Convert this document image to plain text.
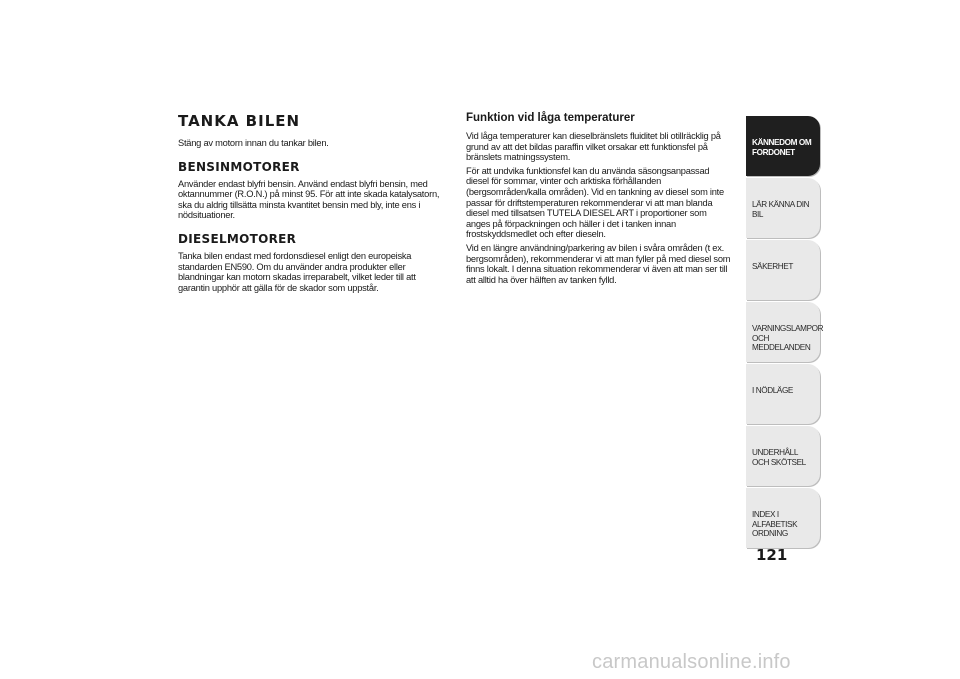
TANKA BILEN

Stäng av motorn innan du tankar bilen.

BENSINMOTORER

Använder endast blyfri bensin. Använd endast blyfri bensin, med oktannummer (R.O.N.) på minst 95. För att inte skada katalysatorn, ska du aldrig tillsätta minsta kvantitet bensin med bly, inte ens i nödsituationer.

DIESELMOTORER

Tanka bilen endast med fordonsdiesel enligt den europeiska standarden EN590. Om du använder andra produkter eller blandningar kan motorn skadas irreparabelt, vilket leder till att garantin upphör att gälla för de skador som uppstår.

Funktion vid låga temperaturer

Vid låga temperaturer kan dieselbränslets fluiditet bli otillräcklig på grund av att det bildas paraffin vilket orsakar ett funktionsfel på bränslets matningssystem.

För att undvika funktionsfel kan du använda säsongsanpassad diesel för sommar, vinter och arktiska förhållanden (bergsområden/kalla områden). Vid en tankning av diesel som inte passar för driftstemperaturen rekommenderar vi att man blanda diesel med tillsatsen TUTELA DIESEL ART i proportioner som anges på förpackningen och häller i det i tanken innan frostskyddsmedlet och efter dieseln.

Vid en längre användning/parkering av bilen i svåra områden (t ex. bergsområden), rekommenderar vi att man fyller på med diesel som finns lokalt. I denna situation rekommenderar vi även att man ser till att alltid ha över hälften av tanken fylld.

KÄNNEDOM OM FORDONET
LÄR KÄNNA DIN BIL
SÄKERHET
VARNINGSLAMPOR OCH MEDDELANDEN
I NÖDLÄGE
UNDERHÅLL OCH SKÖTSEL
INDEX I ALFABETISK ORDNING
121
carmanualsonline.info
